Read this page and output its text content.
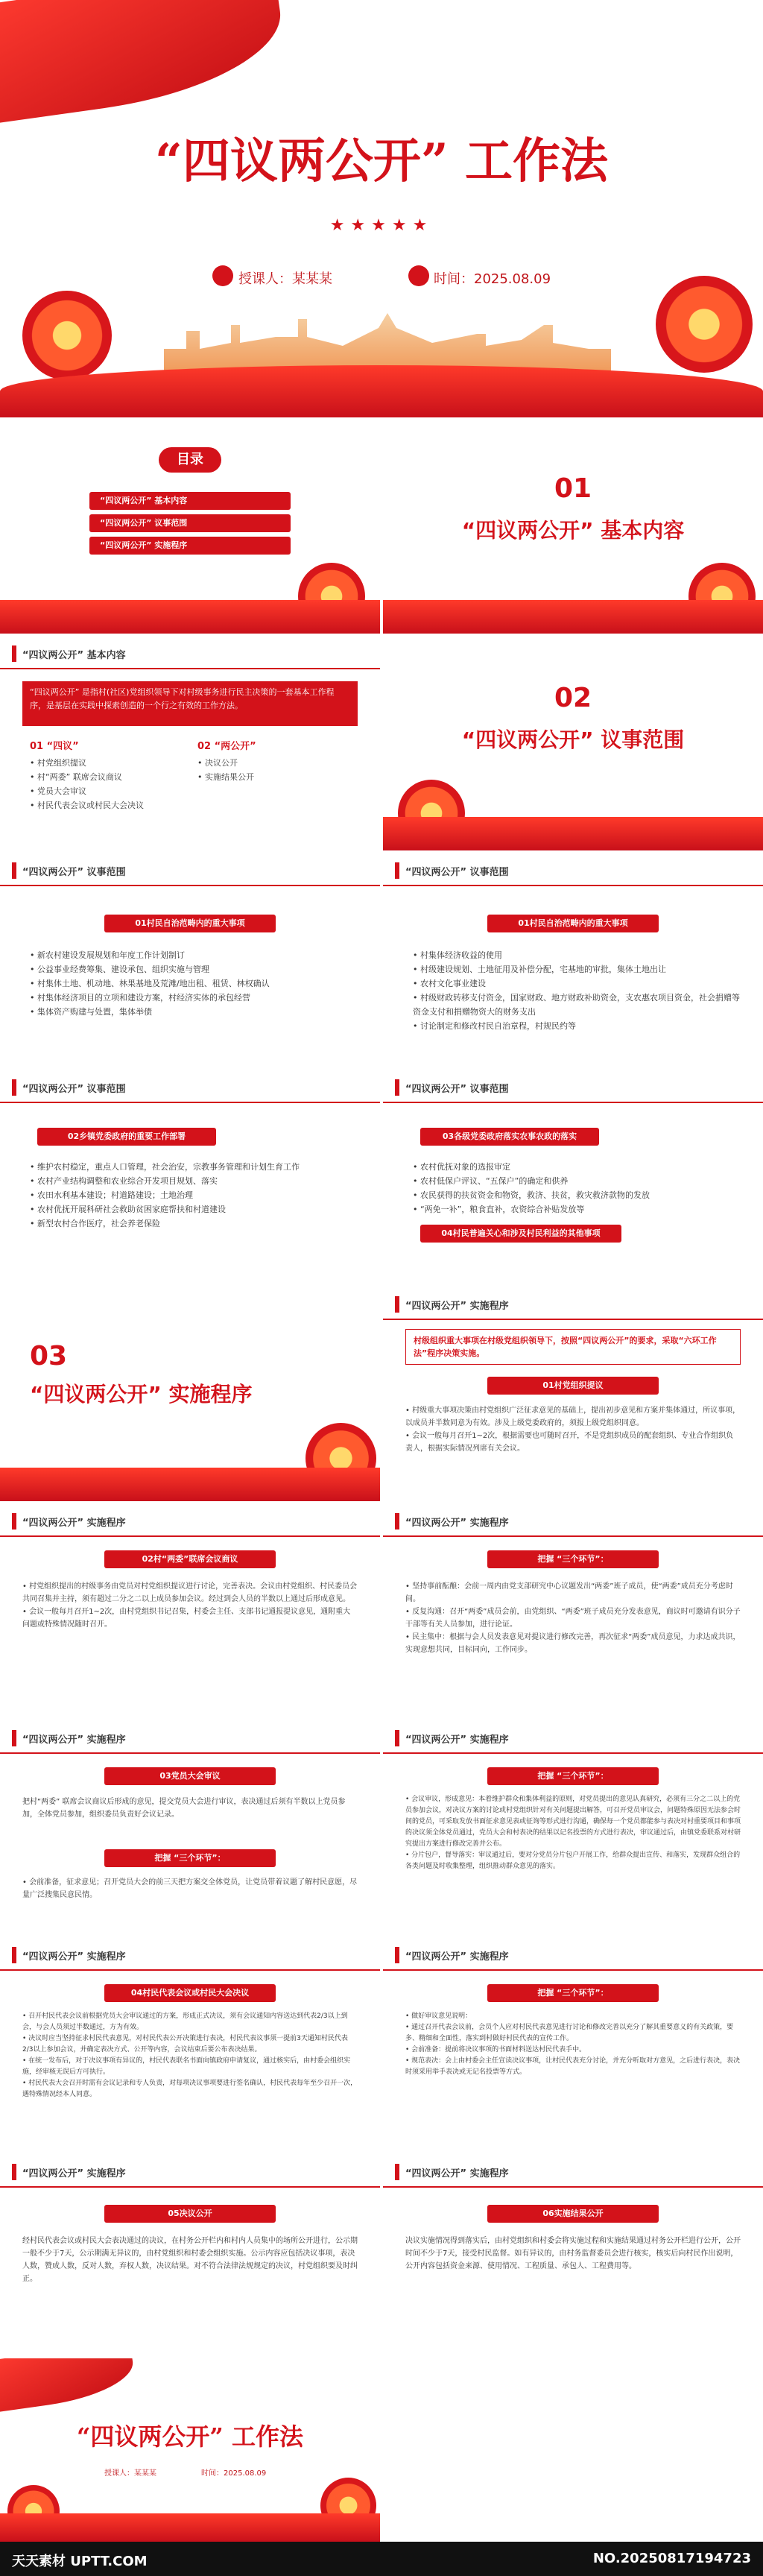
“四议两公开” 工作法
★★★★★
授课人：某某某	时间：2025.08.09
目录
“四议两公开” 基本内容
“四议两公开” 议事范围
“四议两公开” 实施程序
01
“四议两公开” 基本内容
“四议两公开” 基本内容
“四议两公开” 是指村(社区)党组织领导下对村级事务进行民主决策的一套基本工作程序，是基层在实践中探索创造的一个行之有效的工作方法。
01 “四议”

• 村党组织提议

• 村“两委” 联席会议商议

• 党员大会审议

• 村民代表会议或村民大会决议

02 “两公开”

• 决议公开

• 实施结果公开

02
“四议两公开” 议事范围
“四议两公开” 议事范围
01村民自治范畴内的重大事项

• 新农村建设发展规划和年度工作计划制订

• 公益事业经费筹集、建设承包、组织实施与管理

• 村集体土地、机动地、林果基地及荒滩/地出租、租赁、林权确认

• 村集体经济项目的立项和建设方案，村经济实体的承包经营

• 集体资产购建与处置，集体举债

“四议两公开” 议事范围
01村民自治范畴内的重大事项

• 村集体经济收益的使用

• 村级建设规划、土地征用及补偿分配，宅基地的审批，集体土地出让

• 农村文化事业建设

• 村级财政转移支付资金，国家财政、地方财政补助资金，支农惠农项目资金，社会捐赠等资金支付和捐赠物资大的财务支出

• 讨论制定和修改村民自治章程，村规民约等

“四议两公开” 议事范围
02乡镇党委政府的重要工作部署

• 维护农村稳定，重点人口管理，社会治安，宗教事务管理和计划生育工作

• 农村产业结构调整和农业综合开发项目规划、落实

• 农田水利基本建设；村道路建设；土地治理

• 农村优抚开展科研社会救助贫困家庭帮扶和村道建设

• 新型农村合作医疗，社会养老保险

“四议两公开” 议事范围
03各级党委政府落实农事农政的落实

• 农村优抚对象的选报审定

• 农村低保户评议、“五保户”的确定和供养

• 农民获得的扶贫资金和物资，救济、扶贫，救灾救济款物的发放

• “两免一补”，粮食直补，农资综合补贴发放等

04村民普遍关心和涉及村民利益的其他事项
03
“四议两公开” 实施程序
“四议两公开” 实施程序
村级组织重大事项在村级党组织领导下，按照“四议两公开”的要求，采取“六环工作法”程序决策实施。
01村党组织提议

• 村级重大事项决策由村党组织广泛征求意见的基础上，提出初步意见和方案并集体通过，所议事项，以成员并半数同意为有效。涉及上级党委政府的，须报上级党组织同意。

• 会议一般每月召开1~2次，根据需要也可随时召开，不是党组织成员的配套组织、专业合作组织负责人，根据实际情况列席有关会议。

“四议两公开” 实施程序
02村“两委”联席会议商议

• 村党组织提出的村级事务由党员对村党组织提议进行讨论，完善表决。会议由村党组织、村民委员会共同召集并主持，须有超过二分之二以上成员参加会议。经过到会人员的半数以上通过后形成意见。

• 会议一般每月召开1~2次，由村党组织书记召集，村委会主任、支部书记通报提议意见，通附重大问题或特殊情况随时召开。

“四议两公开” 实施程序
把握 “三个环节”：

• 坚持事前酝酿：会前一周内由党支部研究中心议题发出“两委”班子成员，使“两委”成员充分考虑时间。

• 反复沟通：召开“两委”成员会前，由党组织、“两委”班子成员充分发表意见，商议时可邀请有识分子干部等有关人员参加，进行论证。

• 民主集中：根据与会人员发表意见对提议进行修改完善，再次征求“两委”成员意见，力求达成共识，实现意想共同，目标同向，工作同步。

“四议两公开” 实施程序
03党员大会审议
把村“两委” 联席会议商议后形成的意见，提交党员大会进行审议，表决通过后须有半数以上党员参加，全体党员参加，组织委员负责好会议记录。
把握 “三个环节”：

• 会前准备，征求意见；召开党员大会的前三天把方案交全体党员，让党员带着议题了解村民意愿，尽量广泛搜集民意民情。

“四议两公开” 实施程序
把握 “三个环节”：

• 会议审议，形成意见：本着维护群众和集体利益的原则，对党员提出的意见认真研究，必须有三分之二以上的党员参加会议，对决议方案的讨论或村党组织针对有关问题提出解答，可召开党员审议会，问题特殊原因无法参会时间的党员，可采取发放书面征求意见表或征询等形式进行沟通，确保每一个党员都能参与表决对村重要项目和事项的决议须全体党员通过，党员大会和村表决的结果以记名投票的方式进行表决，审议通过后，由镇党委联系对村研究提出方案进行修改完善并公布。

• 分片包户，督导落实：审议通过后，要对分党员分片包户开展工作，给群众提出宣传、和落实，发现群众组合的各类问题及时收集整理，组织推动群众意见的落实。

“四议两公开” 实施程序
04村民代表会议或村民大会决议

• 召开村民代表会议前根据党员大会审议通过的方案，形成正式决议，须有会议通知内容送达到代表2/3以上到会，与会人员须过半数通过，方为有效。

• 决议时应当坚持征求村民代表意见，对村民代表公开决策进行表决，村民代表议事须一提前3天通知村民代表2/3以上参加会议，并确定表决方式、公开等内容，会议结束后要公布表决结果。

• 在统一发布后，对于决议事项有异议的，村民代表联名书面向镇政府申请复议，通过核实后，由村委会组织实施，经审核无误后方可执行。

• 村民代表大会召开时需有会议记录和专人负责，对每项决议事项要进行签名确认，村民代表每年至少召开一次，遇特殊情况经本人同意。

“四议两公开” 实施程序
把握 “三个环节”：

• 做好审议意见说明：

• 通过召开代表会议前，会员个人应对村民代表意见进行讨论和修改完善以充分了解其重要意义的有关政策，要多、精细和全面性，落实到村做好村民代表的宣传工作。

• 会前准备：提前将决议事项的书面材料送达村民代表手中。

• 规范表决：会上由村委会主任宣读决议事项，让村民代表充分讨论，并充分听取对方意见，之后进行表决，表决时须采用举手表决或无记名投票等方式。

“四议两公开” 实施程序
05决议公开
经村民代表会议或村民大会表决通过的决议，在村务公开栏内和村内人员集中的场所公开进行，公示期一般不少于7天，公示期满无异议的，由村党组织和村委会组织实施。公示内容应包括决议事项，表决人数，赞成人数，反对人数，弃权人数，决议结果。对不符合法律法规规定的决议，村党组织要及时纠正。
“四议两公开” 实施程序
06实施结果公开
决议实施情况得到落实后，由村党组织和村委会将实施过程和实施结果通过村务公开栏进行公开，公开时间不少于7天，接受村民监督。如有异议的，由村务监督委员会进行核实，核实后向村民作出说明，公开内容包括资金来源、使用情况、工程质量、承包人、工程费用等。
“四议两公开” 工作法
授课人：某某某	时间：2025.08.09
天天素材 UPTT.COM	NO.20250817194723
